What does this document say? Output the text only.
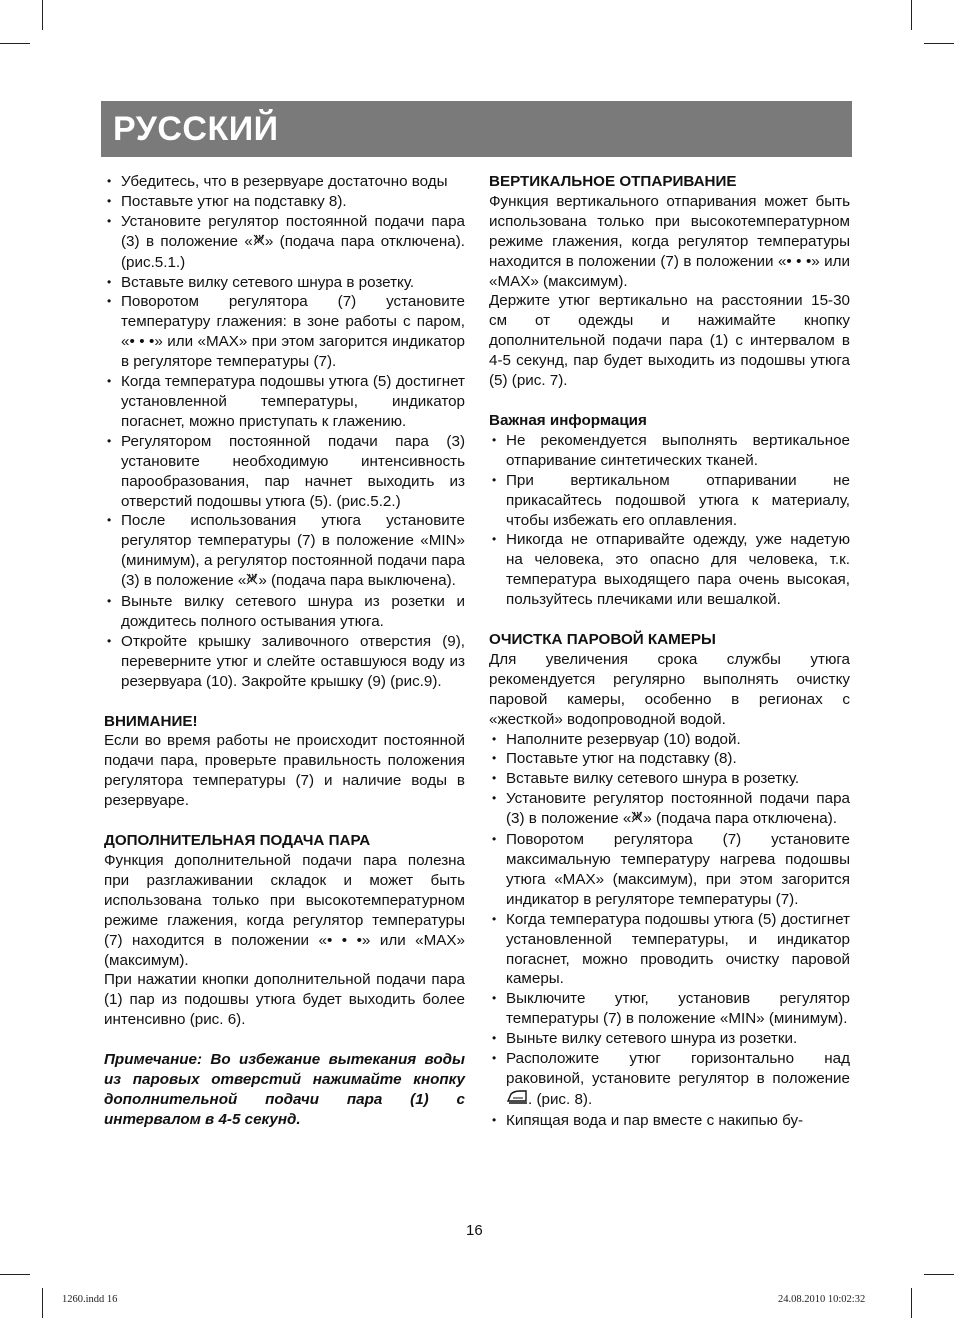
РУССКИЙ
• Убедитесь, что в резервуаре достаточно воды
• Поставьте утюг на подставку 8).
• Установите регулятор постоянной подачи пара (3) в положение « » (подача пара отключена). (рис.5.1.)
• Вставьте вилку сетевого шнура в розетку.
• Поворотом регулятора (7) установите температуру глажения: в зоне работы с паром, «• • •» или «MAX» при этом загорится индикатор в регуляторе температуры (7).
• Когда температура подошвы утюга (5) достигнет установленной температуры, индикатор погаснет, можно приступать к глажению.
• Регулятором постоянной подачи пара (3) установите необходимую интенсивность парообразования, пар начнет выходить из отверстий подошвы утюга (5). (рис.5.2.)
• После использования утюга установите регулятор температуры (7) в положение «MIN» (минимум), а регулятор постоянной подачи пара (3) в положение « » (подача пара выключена).
• Выньте вилку сетевого шнура из розетки и дождитесь полного остывания утюга.
• Откройте крышку заливочного отверстия (9), переверните утюг и слейте оставшуюся воду из резервуара (10). Закройте крышку (9) (рис.9).

ВНИМАНИЕ!

Если во время работы не происходит постоянной подачи пара, проверьте правильность положения регулятора температуры (7) и наличие воды в резервуаре.

ДОПОЛНИТЕЛЬНАЯ ПОДАЧА ПАРА

Функция дополнительной подачи пара полезна при разглаживании складок и может быть использована только при высокотемпературном режиме глажения, когда регулятор температуры (7) находится в положении «• • •» или «MAX» (максимум).

При нажатии кнопки дополнительной подачи пара (1) пар из подошвы утюга будет выходить более интенсивно (рис. 6).

Примечание: Во избежание вытекания воды из паровых отверстий нажимайте кнопку дополнительной подачи пара (1) с интервалом в 4-5 секунд.

ВЕРТИКАЛЬНОЕ ОТПАРИВАНИЕ

Функция вертикального отпаривания может быть использована только при высокотемпературном режиме глажения, когда регулятор температуры находится в положении (7) в положении «• • •» или «MAX» (максимум).

Держите утюг вертикально на расстоянии 15-30 см от одежды и нажимайте кнопку дополнительной подачи пара (1) с интервалом в 4-5 секунд, пар будет выходить из подошвы утюга (5) (рис. 7).

Важная информация

• Не рекомендуется выполнять вертикальное отпаривание синтетических тканей.
• При вертикальном отпаривании не прикасайтесь подошвой утюга к материалу, чтобы избежать его оплавления.
• Никогда не отпаривайте одежду, уже надетую на человека, это опасно для человека, т.к. температура выходящего пара очень высокая, пользуйтесь плечиками или вешалкой.

ОЧИСТКА ПАРОВОЙ КАМЕРЫ

Для увеличения срока службы утюга рекомендуется регулярно выполнять очистку паровой камеры, особенно в регионах с «жесткой» водопроводной водой.

• Наполните резервуар (10) водой.
• Поставьте утюг на подставку (8).
• Вставьте вилку сетевого шнура в розетку.
• Установите регулятор постоянной подачи пара (3) в положение « » (подача пара отключена).
• Поворотом регулятора (7) установите максимальную температуру нагрева подошвы утюга «MAX» (максимум), при этом загорится индикатор в регуляторе температуры (7).
• Когда температура подошвы утюга (5) достигнет установленной температуры, и индикатор погаснет, можно проводить очистку паровой камеры.
• Выключите утюг, установив регулятор температуры (7) в положение «MIN» (минимум).
• Выньте вилку сетевого шнура из розетки.
• Расположите утюг горизонтально над раковиной, установите регулятор в положение . (рис. 8).
• Кипящая вода и пар вместе с накипью бу-
16
1260.indd 16	24.08.2010 10:02:32
